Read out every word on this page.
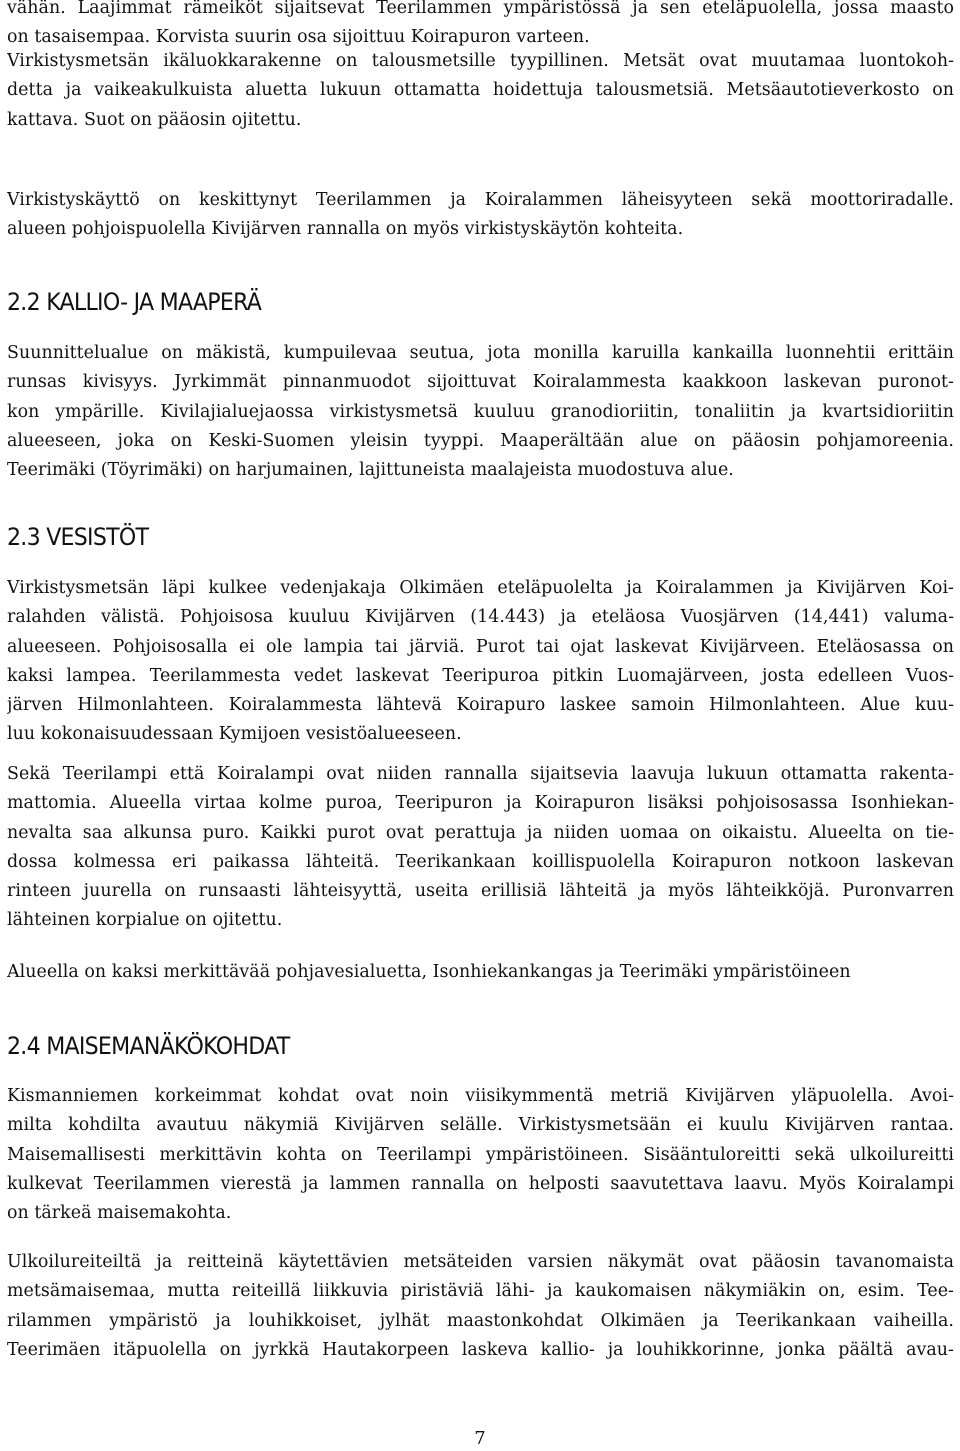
vähän. Laajimmat rämeiköt sijaitsevat Teerilammen ympäristössä ja sen eteläpuolella, jossa maasto
on tasaisempaa. Korvista suurin osa sijoittuu Koirapuron varteen.
Virkistysmetsän ikäluokkarakenne on talousmetsille tyypillinen. Metsät ovat muutamaa luontokoh-
detta ja vaikeakulkuista aluetta lukuun ottamatta hoidettuja talousmetsiä. Metsäautotieverkosto on
kattava. Suot on pääosin ojitettu.
Virkistyskäyttö on keskittynyt Teerilammen ja Koiralammen läheisyyteen sekä moottoriradalle.
alueen pohjoispuolella Kivijärven rannalla on myös virkistyskäytön kohteita.
2.2 KALLIO- JA MAAPERÄ
Suunnittelualue on mäkistä, kumpuilevaa seutua, jota monilla karuilla kankailla luonnehtii erittäin
runsas kivisyys. Jyrkimmät pinnanmuodot sijoittuvat Koiralammesta kaakkoon laskevan puronot-
kon ympärille. Kivilajialuejaossa virkistysmetsä kuuluu granodioriitin, tonaliitin ja kvartsidioriitin
alueeseen, joka on Keski-Suomen yleisin tyyppi. Maaperältään alue on pääosin pohjamoreenia.
Teerimäki (Töyrimäki) on harjumainen, lajittuneista maalajeista muodostuva alue.
2.3 VESISTÖT
Virkistysmetsän läpi kulkee vedenjakaja Olkimäen eteläpuolelta ja Koiralammen ja Kivijärven Koi-
ralahden välistä. Pohjoisosa kuuluu Kivijärven (14.443) ja eteläosa Vuosjärven (14,441) valuma-
alueeseen. Pohjoisosalla ei ole lampia tai järviä. Purot tai ojat laskevat Kivijärveen. Eteläosassa on
kaksi lampea. Teerilammesta vedet laskevat Teeripuroa pitkin Luomajärveen, josta edelleen Vuos-
järven Hilmonlahteen. Koiralammesta lähtevä Koirapuro laskee samoin Hilmonlahteen. Alue kuu-
luu kokonaisuudessaan Kymijoen vesistöalueeseen.
Sekä Teerilampi että Koiralampi ovat niiden rannalla sijaitsevia laavuja lukuun ottamatta rakenta-
mattomia. Alueella virtaa kolme puroa, Teeripuron ja Koirapuron lisäksi pohjoisosassa Isonhiekan-
nevalta saa alkunsa puro. Kaikki purot ovat perattuja ja niiden uomaa on oikaistu. Alueelta on tie-
dossa kolmessa eri paikassa lähteitä. Teerikankaan koillispuolella Koirapuron notkoon laskevan
rinteen juurella on runsaasti lähteisyyttä, useita erillisiä lähteitä ja myös lähteikköjä. Puronvarren
lähteinen korpialue on ojitettu.
Alueella on kaksi merkittävää pohjavesialuetta, Isonhiekankangas ja Teerimäki ympäristöineen
2.4 MAISEMANÄKÖKOHDAT
Kismanniemen korkeimmat kohdat ovat noin viisikymmentä metriä Kivijärven yläpuolella. Avoi-
milta kohdilta avautuu näkymiä Kivijärven selälle. Virkistysmetsään ei kuulu Kivijärven rantaa.
Maisemallisesti merkittävin kohta on Teerilampi ympäristöineen. Sisääntuloreitti sekä ulkoilureitti
kulkevat Teerilammen vierestä ja lammen rannalla on helposti saavutettava laavu. Myös Koiralampi
on tärkeä maisemakohta.
Ulkoilureiteiltä ja reitteinä käytettävien metsäteiden varsien näkymät ovat pääosin tavanomaista
metsämaisemaa, mutta reiteillä liikkuvia piristäviä lähi- ja kaukomaisen näkymiäkin on, esim. Tee-
rilammen ympäristö ja louhikkoiset, jylhät maastonkohdat Olkimäen ja Teerikankaan vaiheilla.
Teerimäen itäpuolella on jyrkkä Hautakorpeen laskeva kallio- ja louhikkorinne, jonka päältä avau-
7
